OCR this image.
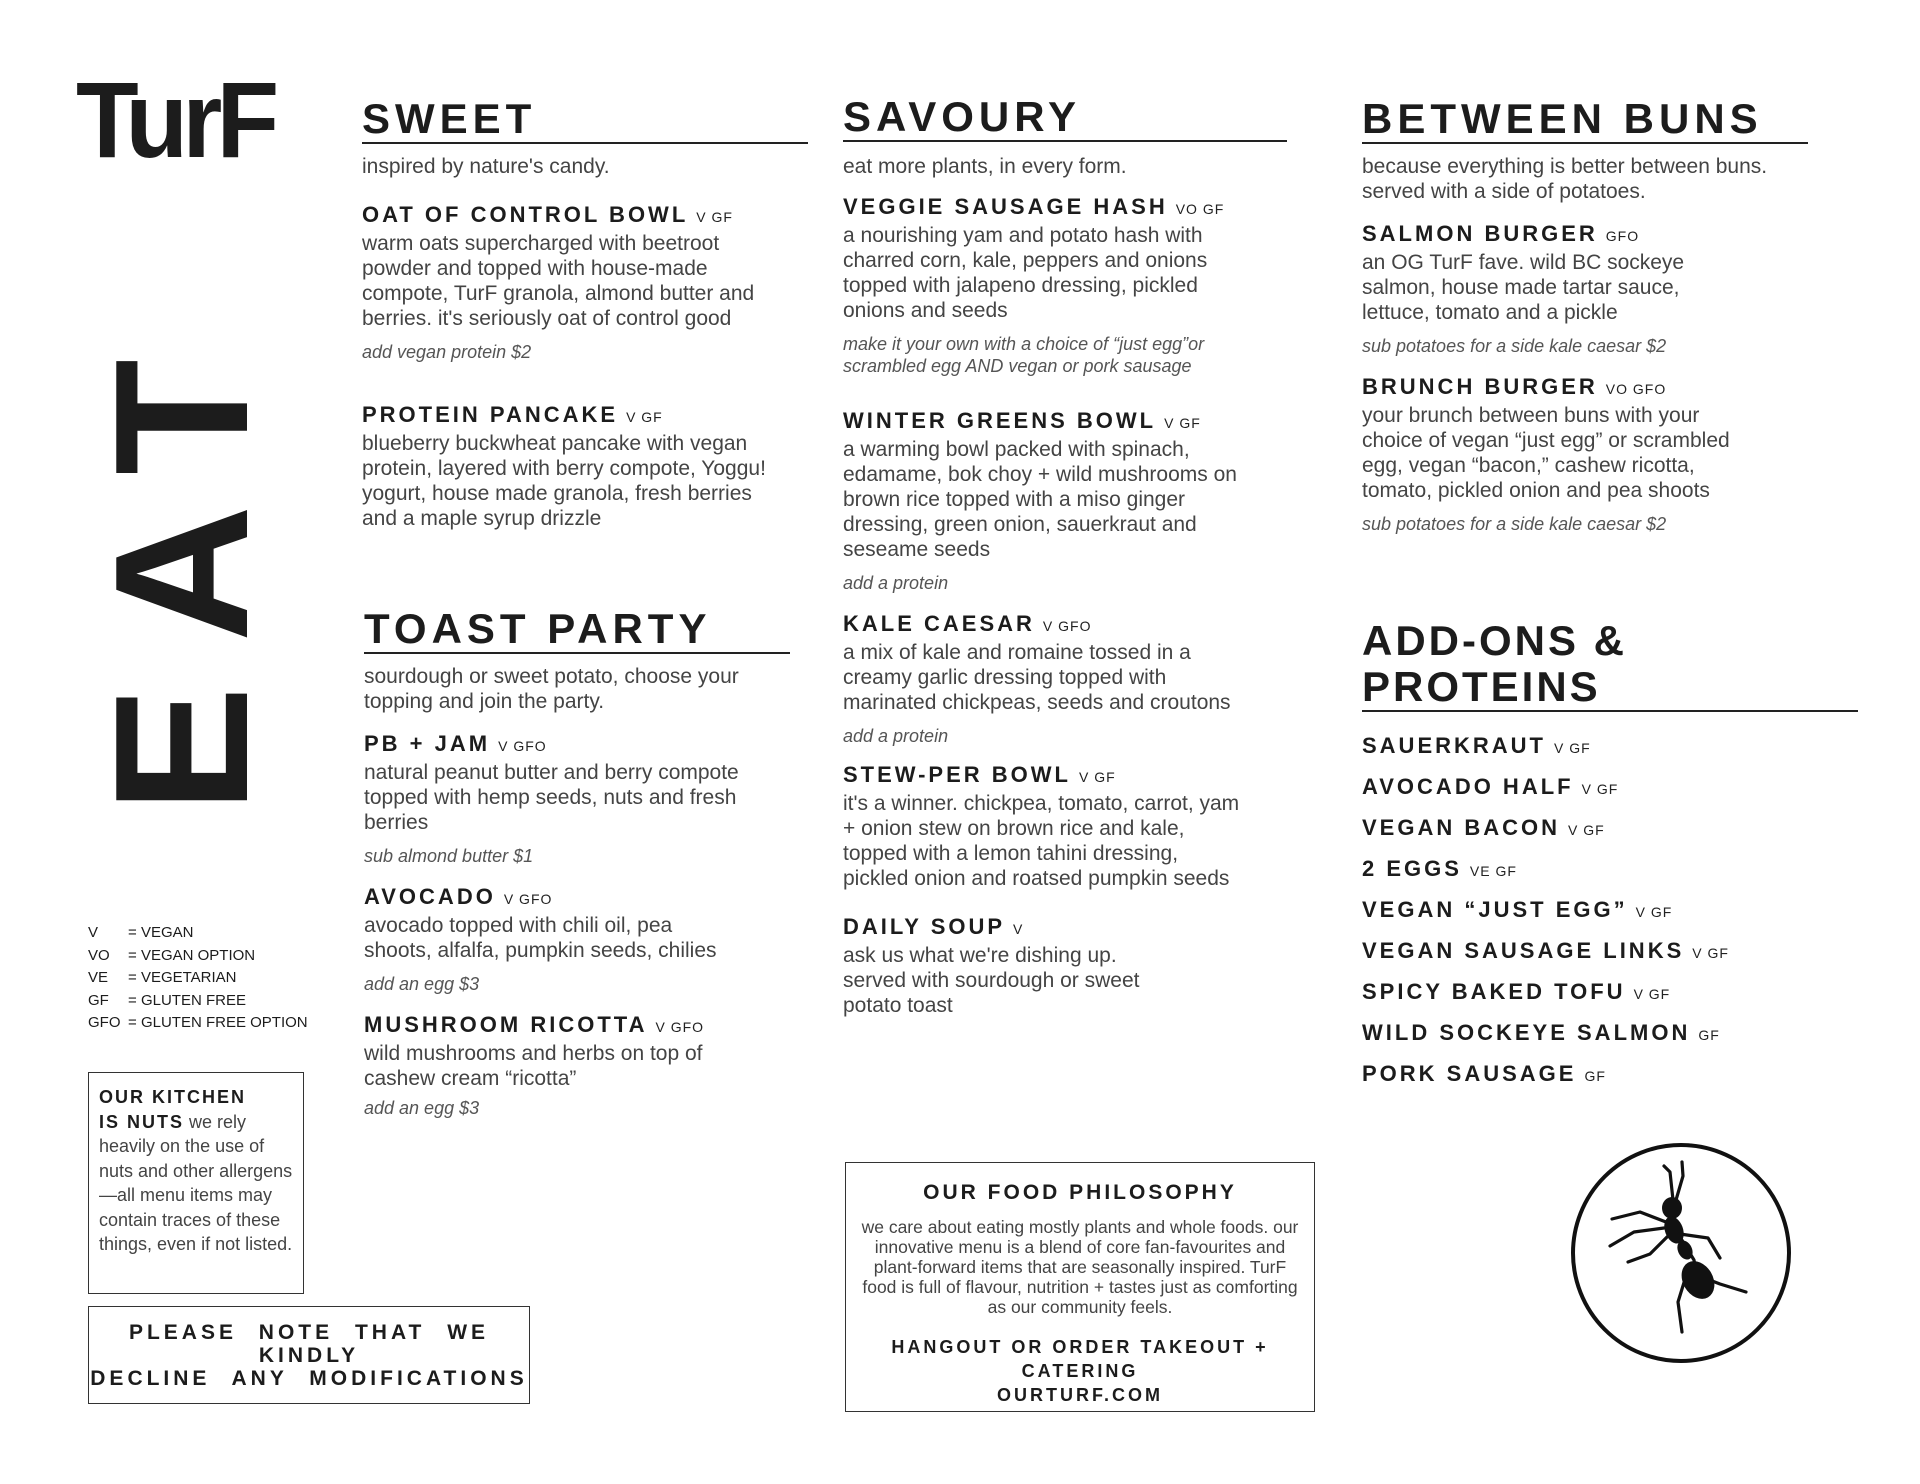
TurF
EAT
V = VEGAN
VO = VEGAN OPTION
VE = VEGETARIAN
GF = GLUTEN FREE
GFO = GLUTEN FREE OPTION
OUR KITCHEN
IS NUTS we rely heavily on the use of nuts and other allergens—all menu items may contain traces of these things, even if not listed.
PLEASE NOTE THAT WE KINDLY
DECLINE ANY MODIFICATIONS
SWEET
inspired by nature's candy.
OAT OF CONTROL BOWL V GF
warm oats supercharged with beetroot powder and topped with house-made compote, TurF granola, almond butter and berries. it's seriously oat of control good
add vegan protein $2
PROTEIN PANCAKE V GF
blueberry buckwheat pancake with vegan protein, layered with berry compote, Yoggu! yogurt, house made granola, fresh berries and a maple syrup drizzle
TOAST PARTY
sourdough or sweet potato, choose your topping and join the party.
PB + JAM V GFO
natural peanut butter and berry compote topped with hemp seeds, nuts and fresh berries
sub almond butter $1
AVOCADO V GFO
avocado topped with chili oil, pea shoots, alfalfa, pumpkin seeds, chilies
add an egg $3
MUSHROOM RICOTTA V GFO
wild mushrooms and herbs on top of cashew cream “ricotta”
add an egg $3
SAVOURY
eat more plants, in every form.
VEGGIE SAUSAGE HASH VO GF
a nourishing yam and potato hash with charred corn, kale, peppers and onions topped with jalapeno dressing, pickled onions and seeds
make it your own with a choice of “just egg”or scrambled egg AND vegan or pork sausage
WINTER GREENS BOWL V GF
a warming bowl packed with spinach, edamame, bok choy + wild mushrooms on brown rice topped with a miso ginger dressing, green onion, sauerkraut and seseame seeds
add a protein
KALE CAESAR V GFO
a mix of kale and romaine tossed in a creamy garlic dressing topped with marinated chickpeas, seeds and croutons
add a protein
STEW-PER BOWL V GF
it's a winner. chickpea, tomato, carrot, yam + onion stew on brown rice and kale, topped with a lemon tahini dressing, pickled onion and roatsed pumpkin seeds
DAILY SOUP V
ask us what we're dishing up. served with sourdough or sweet potato toast
OUR FOOD PHILOSOPHY
we care about eating mostly plants and whole foods. our innovative menu is a blend of core fan-favourites and plant-forward items that are seasonally inspired. TurF food is full of flavour, nutrition + tastes just as comforting as our community feels.
HANGOUT OR ORDER TAKEOUT + CATERING
OURTURF.COM
BETWEEN BUNS
because everything is better between buns. served with a side of potatoes.
SALMON BURGER GFO
an OG TurF fave. wild BC sockeye salmon, house made tartar sauce, lettuce, tomato and a pickle
sub potatoes for a side kale caesar $2
BRUNCH BURGER VO GFO
your brunch between buns with your choice of vegan “just egg” or scrambled egg, vegan “bacon,” cashew ricotta, tomato, pickled onion and pea shoots
sub potatoes for a side kale caesar $2
ADD-ONS & PROTEINS
SAUERKRAUT V GF
AVOCADO HALF V GF
VEGAN BACON V GF
2 EGGS VE GF
VEGAN “JUST EGG” V GF
VEGAN SAUSAGE LINKS V GF
SPICY BAKED TOFU V GF
WILD SOCKEYE SALMON GF
PORK SAUSAGE GF
